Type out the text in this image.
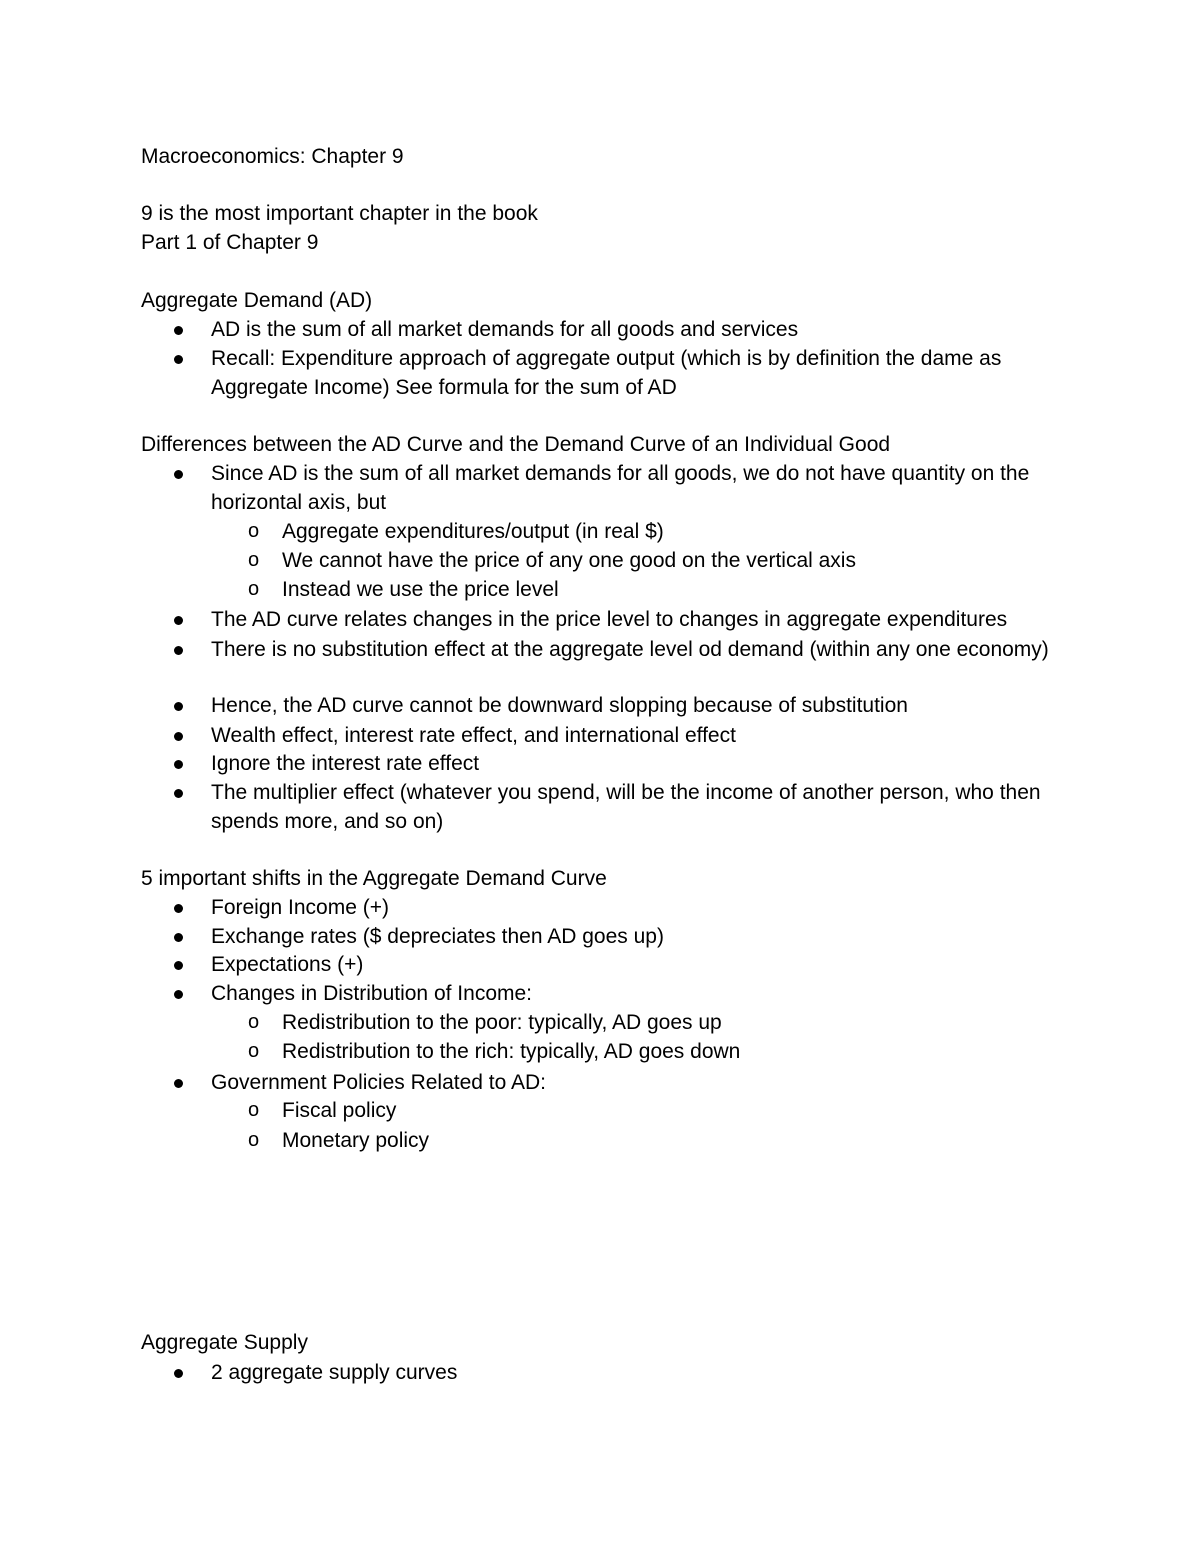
Macroeconomics: Chapter 9
9 is the most important chapter in the book
Part 1 of Chapter 9
Aggregate Demand (AD)
AD is the sum of all market demands for all goods and services
Recall: Expenditure approach of aggregate output (which is by definition the dame as Aggregate Income) See formula for the sum of AD
Differences between the AD Curve and the Demand Curve of an Individual Good
Since AD is the sum of all market demands for all goods, we do not have quantity on the horizontal axis, but
o Aggregate expenditures/output (in real $)
o We cannot have the price of any one good on the vertical axis
o Instead we use the price level
The AD curve relates changes in the price level to changes in aggregate expenditures
There is no substitution effect at the aggregate level od demand (within any one economy)
Hence, the AD curve cannot be downward slopping because of substitution
Wealth effect, interest rate effect, and international effect
Ignore the interest rate effect
The multiplier effect (whatever you spend, will be the income of another person, who then spends more, and so on)
5 important shifts in the Aggregate Demand Curve
Foreign Income (+)
Exchange rates ($ depreciates then AD goes up)
Expectations (+)
Changes in Distribution of Income:
o Redistribution to the poor: typically, AD goes up
o Redistribution to the rich: typically, AD goes down
Government Policies Related to AD:
o Fiscal policy
o Monetary policy
Aggregate Supply
2 aggregate supply curves
